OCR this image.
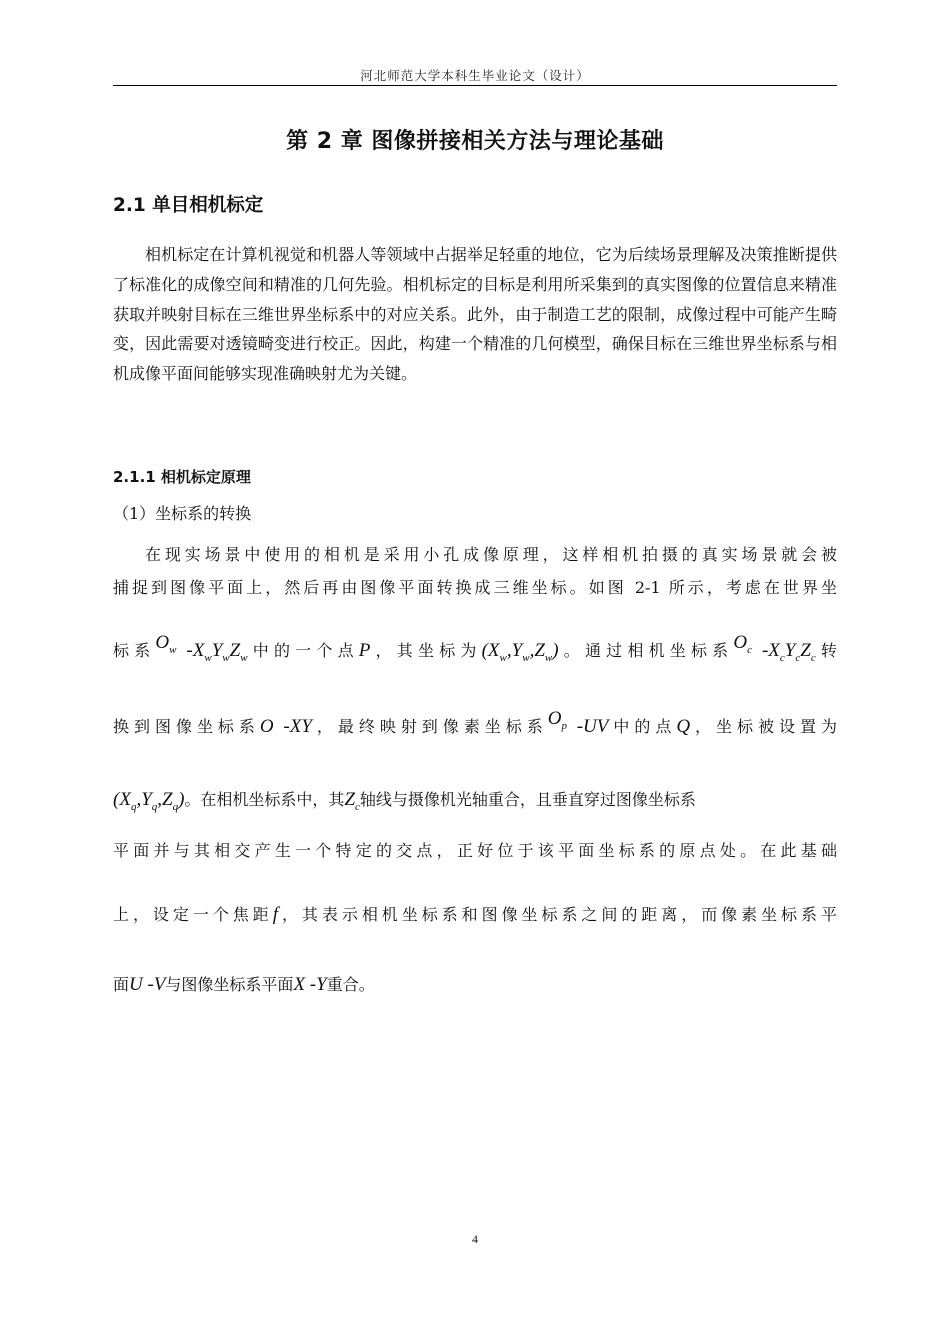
河北师范大学本科生毕业论文（设计）
第 2 章 图像拼接相关方法与理论基础
2.1 单目相机标定

相机标定在计算机视觉和机器人等领域中占据举足轻重的地位，它为后续场景理解及决策推断提供了标准化的成像空间和精准的几何先验。相机标定的目标是利用所采集到的真实图像的位置信息来精准获取并映射目标在三维世界坐标系中的对应关系。此外，由于制造工艺的限制，成像过程中可能产生畸变，因此需要对透镜畸变进行校正。因此，构建一个精准的几何模型，确保目标在三维世界坐标系与相机成像平面间能够实现准确映射尤为关键。

2.1.1 相机标定原理
（1）坐标系的转换
在现实场景中使用的相机是采用小孔成像原理，这样相机拍摄的真实场景就会被
捕捉到图像平面上，然后再由图像平面转换成三维坐标。如图 2-1 所示，考虑在世界坐
标系$O_w$ $-X_wY_wZ_w$中的一个点P，其坐标为$(X_w,Y_w,Z_w)$。通过相机坐标系$O_c$ $-X_cY_cZ_c$转
换到图像坐标系O -XY，最终映射到像素坐标系$O_p$ -UV中的点Q，坐标被设置为
$(X_q,Y_q,Z_q)$。在相机坐标系中，其$Z_c$轴线与摄像机光轴重合，且垂直穿过图像坐标系
平面并与其相交产生一个特定的交点，正好位于该平面坐标系的原点处。在此基础
上，设定一个焦距f，其表示相机坐标系和图像坐标系之间的距离，而像素坐标系平
面U -V与图像坐标系平面X -Y重合。
4
